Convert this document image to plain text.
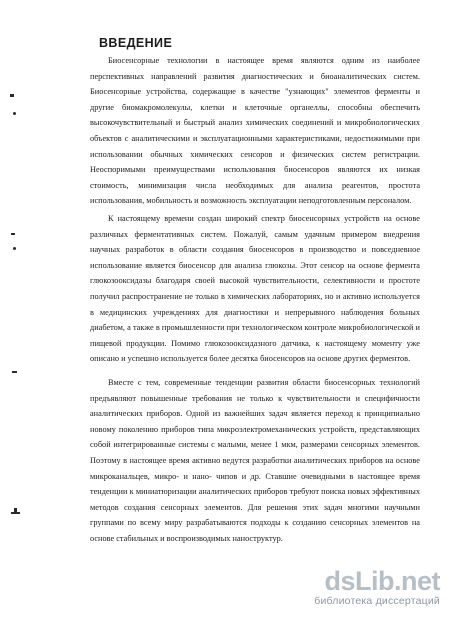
ВВЕДЕНИЕ

Биосенсорные технологии в настоящее время являются одним из наиболее перспективных направлений развития диагностических и биоаналитических систем. Биосенсорные устройства, содержащие в качестве "узнающих" элементов ферменты и другие биомакромолекулы, клетки и клеточные органеллы, способны обеспечить высокочувствительный и быстрый анализ химических соединений и микробиологических объектов с аналитическими и эксплуатационными характеристиками, недостижимыми при использовании обычных химических сенсоров и физических систем регистрации. Неоспоримыми преимуществами использования биосенсоров являются их низкая стоимость, минимизация числа необходимых для анализа реагентов, простота использования, мобильность и возможность эксплуатации неподготовленным персоналом.

К настоящему времени создан широкий спектр биосенсорных устройств на основе различных ферментативных систем. Пожалуй, самым удачным примером внедрения научных разработок в области создания биосенсоров в производство и повседневное использование является биосенсор для анализа глюкозы. Этот сенсор на основе фермента глюкозооксидазы благодаря своей высокой чувствительности, селективности и простоте получил распространение не только в химических лабораториях, но и активно используется в медицинских учреждениях для диагностики и непрерывного наблюдения больных диабетом, а также в промышленности при технологическом контроле микробиологической и пищевой продукции. Помимо глюкозооксидазного датчика, к настоящему моменту уже описано и успешно используется более десятка биосенсоров на основе других ферментов.

Вместе с тем, современные тенденции развития области биосенсорных технологий предъявляют повышенные требования не только к чувствительности и специфичности аналитических приборов. Одной из важнейших задач является переход к принципиально новому поколению приборов типа микроэлектромеханических устройств, представляющих собой интегрированные системы с малыми, менее 1 мкм, размерами сенсорных элементов. Поэтому в настоящее время активно ведутся разработки аналитических приборов на основе микроканальцев, микро- и нано- чипов и др. Ставшие очевидными в настоящее время тенденции к миниатюризации аналитических приборов требуют поиска новых эффективных методов создания сенсорных элементов. Для решения этих задач многими научными группами по всему миру разрабатываются подходы к созданию сенсорных элементов на основе стабильных и воспроизводимых наноструктур.

dsLib.net
библиотека диссертаций
